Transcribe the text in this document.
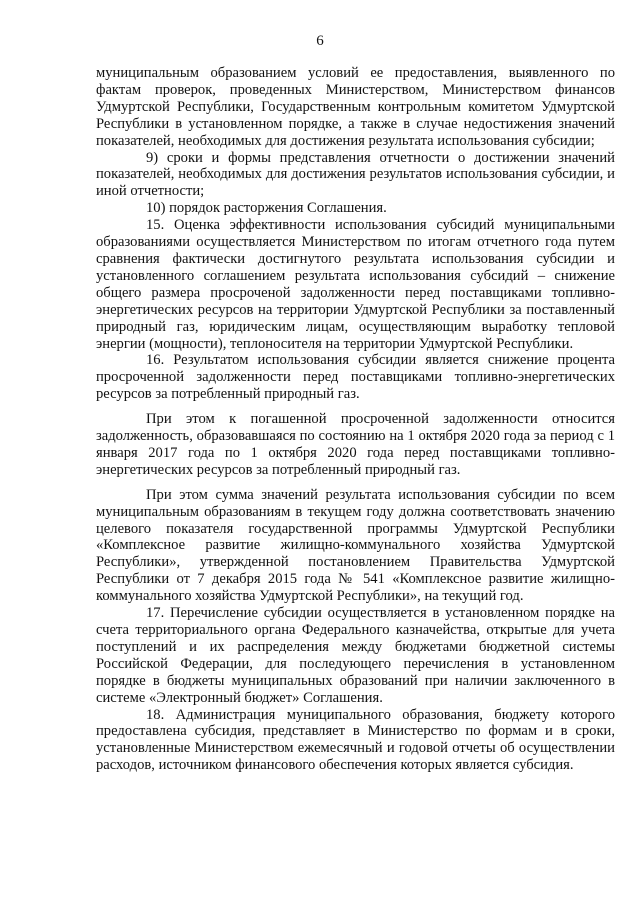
6

муниципальным образованием условий ее предоставления, выявленного по фактам проверок, проведенных Министерством, Министерством финансов Удмуртской Республики, Государственным контрольным комитетом Удмуртской Республики в установленном порядке, а также в случае недостижения значений показателей, необходимых для достижения результата использования субсидии;

9) сроки и формы представления отчетности о достижении значений показателей, необходимых для достижения результатов использования субсидии, и иной отчетности;

10) порядок расторжения Соглашения.

15. Оценка эффективности использования субсидий муниципальными образованиями осуществляется Министерством по итогам отчетного года путем сравнения фактически достигнутого результата использования субсидии и установленного соглашением результата использования субсидий – снижение общего размера просроченой задолженности перед поставщиками топливно-энергетических ресурсов на территории Удмуртской Республики за поставленный природный газ, юридическим лицам, осуществляющим выработку тепловой энергии (мощности), теплоносителя на территории Удмуртской Республики.

16. Результатом использования субсидии является снижение процента просроченной задолженности перед поставщиками топливно-энергетических ресурсов за потребленный природный газ.

При этом к погашенной просроченной задолженности относится задолженность, образовавшаяся по состоянию на 1 октября 2020 года за период с 1 января 2017 года по 1 октября 2020 года перед поставщиками топливно-энергетических ресурсов за потребленный природный газ.

При этом сумма значений результата использования субсидии по всем муниципальным образованиям в текущем году должна соответствовать значению целевого показателя государственной программы Удмуртской Республики «Комплексное развитие жилищно-коммунального хозяйства Удмуртской Республики», утвержденной постановлением Правительства Удмуртской Республики от 7 декабря 2015 года № 541 «Комплексное развитие жилищно-коммунального хозяйства Удмуртской Республики», на текущий год.

17. Перечисление субсидии осуществляется в установленном порядке на счета территориального органа Федерального казначейства, открытые для учета поступлений и их распределения между бюджетами бюджетной системы Российской Федерации, для последующего перечисления в установленном порядке в бюджеты муниципальных образований при наличии заключенного в системе «Электронный бюджет» Соглашения.

18. Администрация муниципального образования, бюджету которого предоставлена субсидия, представляет в Министерство по формам и в сроки, установленные Министерством ежемесячный и годовой отчеты об осуществлении расходов, источником финансового обеспечения которых является субсидия.
